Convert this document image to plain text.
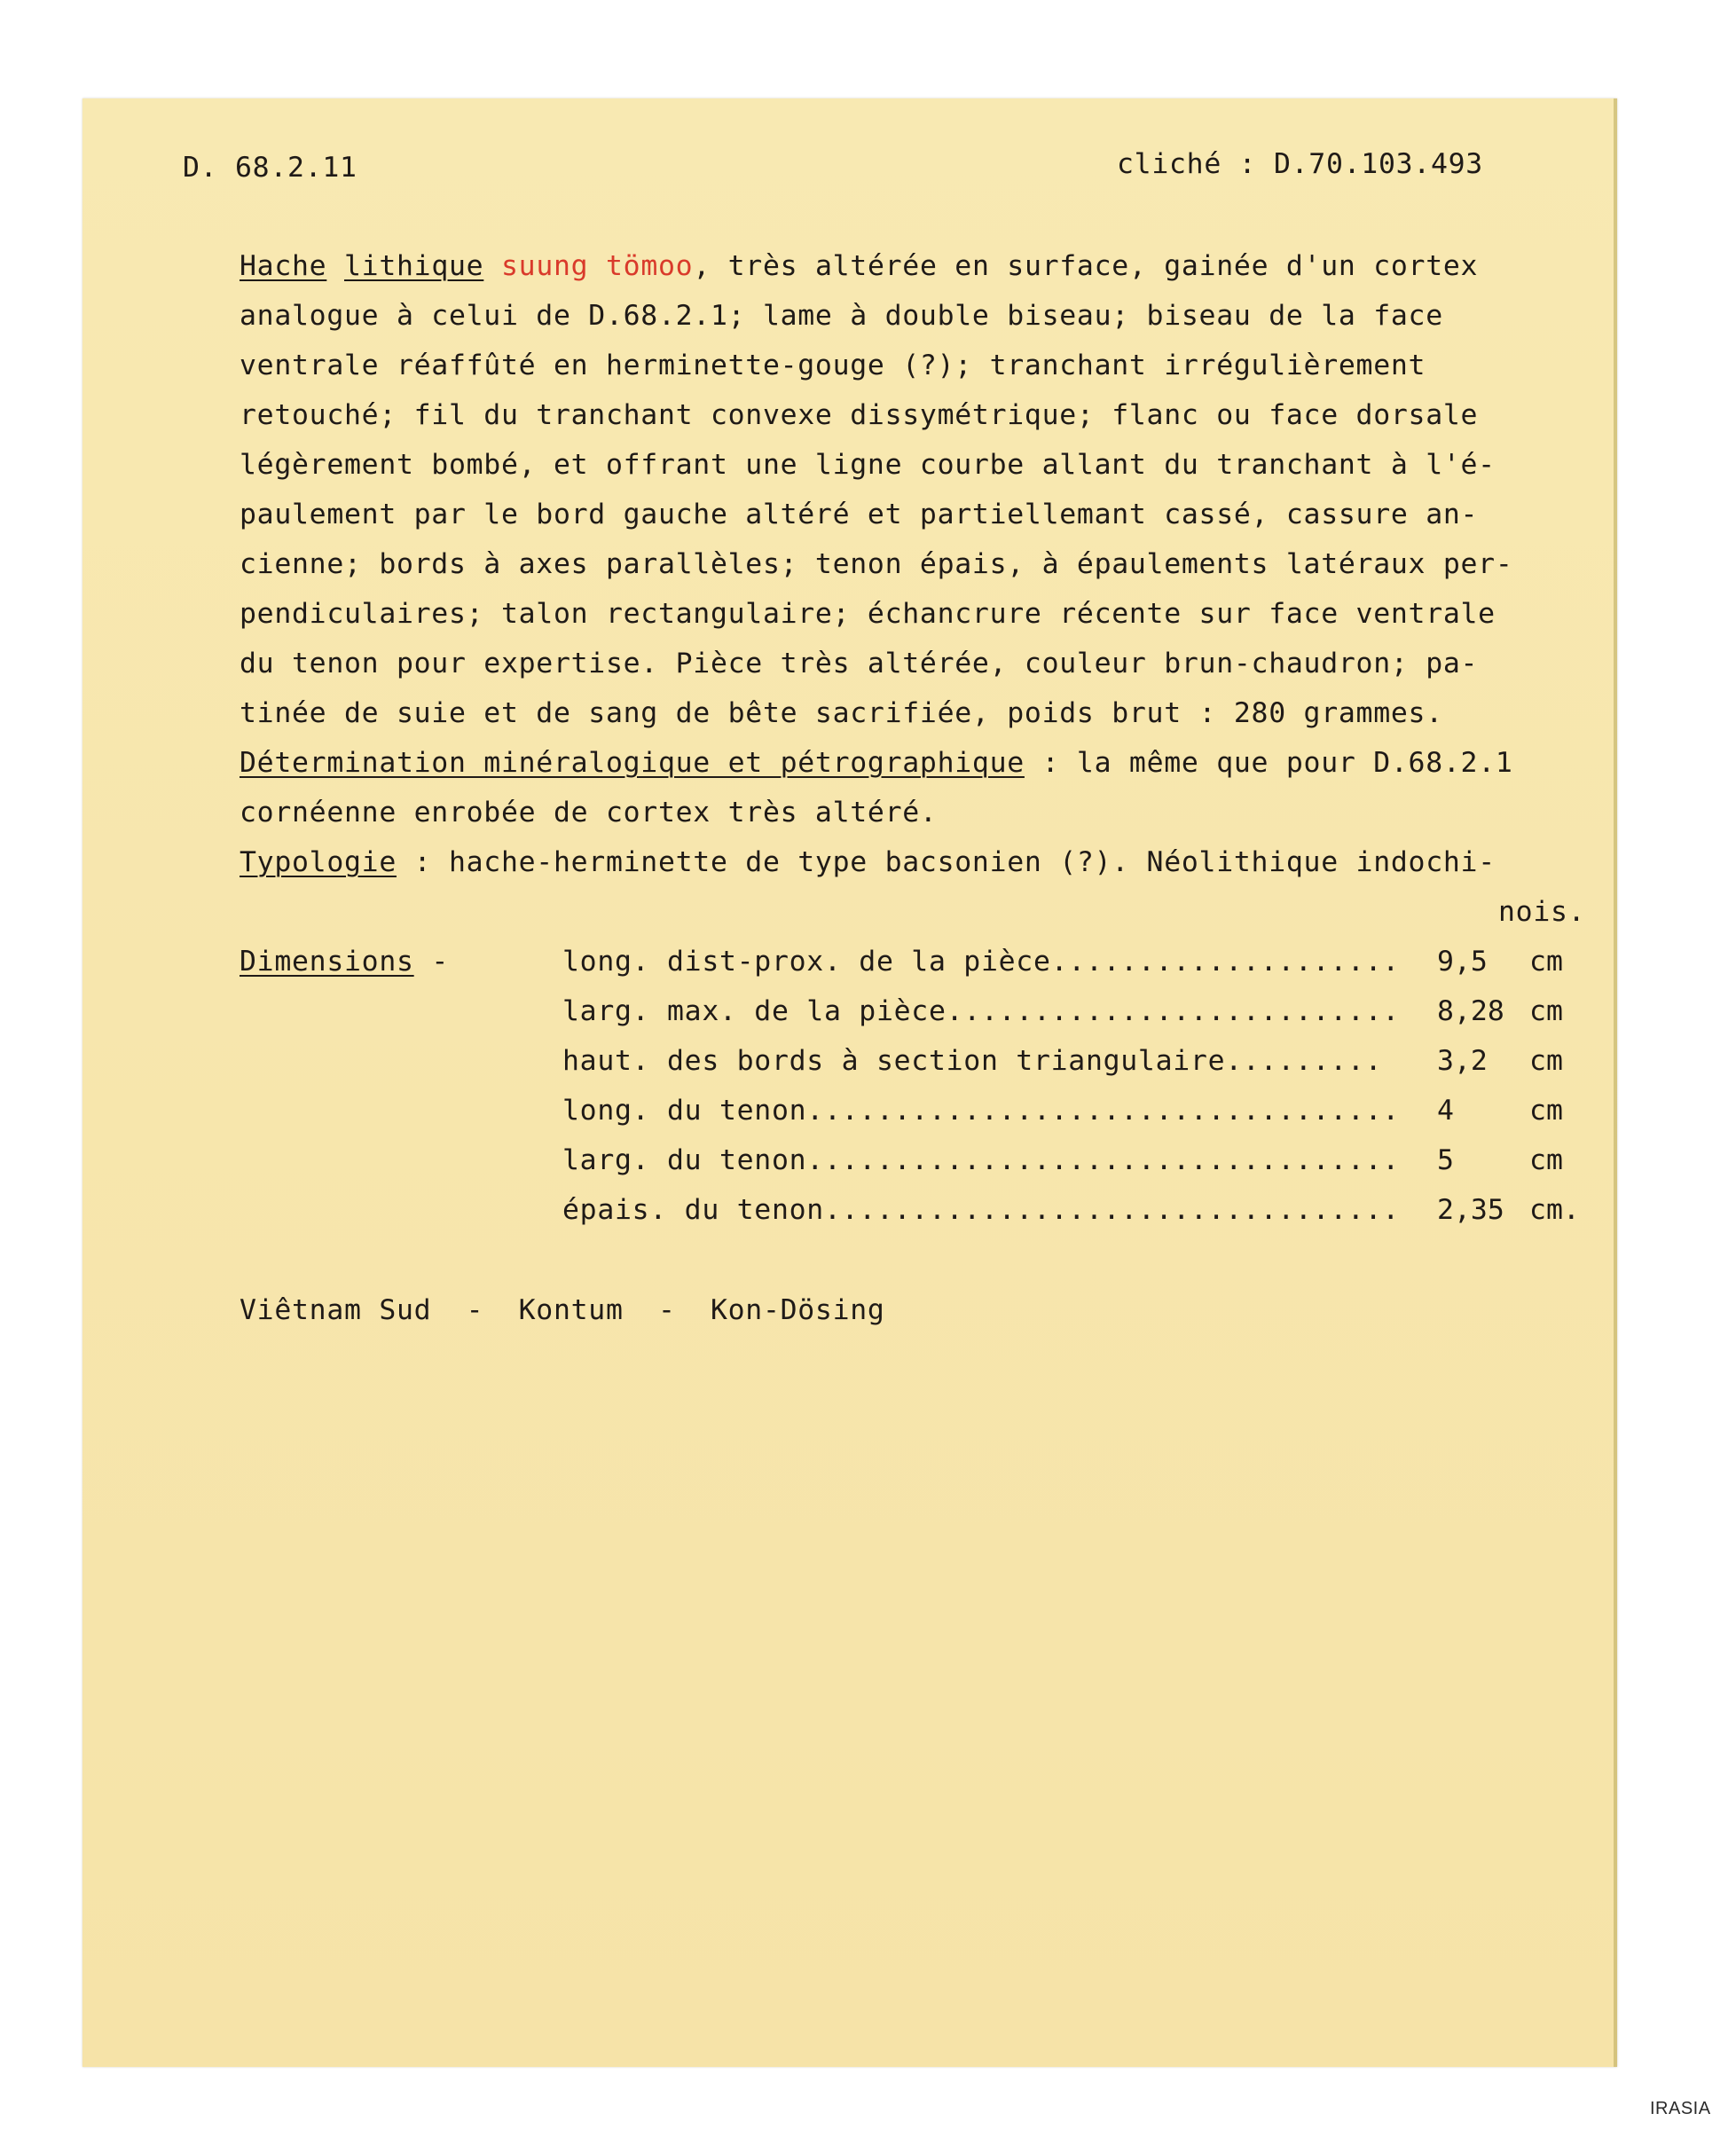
D. 68.2.11	cliché : D.70.103.493
Hache lithique suung tömoo, très altérée en surface, gainée d'un cortex
analogue à celui de D.68.2.1; lame à double biseau; biseau de la face
ventrale réaffûté en herminette-gouge (?); tranchant irrégulièrement
retouché; fil du tranchant convexe dissymétrique; flanc ou face dorsale
légèrement bombé, et offrant une ligne courbe allant du tranchant à l'é-
paulement par le bord gauche altéré et partiellemant cassé, cassure an-
cienne; bords à axes parallèles; tenon épais, à épaulements latéraux per-
pendiculaires; talon rectangulaire; échancrure récente sur face ventrale
du tenon pour expertise. Pièce très altérée, couleur brun-chaudron; pa-
tinée de suie et de sang de bête sacrifiée, poids brut : 280 grammes.
Détermination minéralogique et pétrographique : la même que pour D.68.2.1
cornéenne enrobée de cortex très altéré.
Typologie : hache-herminette de type bacsonien (?). Néolithique indochi-
nois.
Dimensions -	long. dist-prox. de la pièce....................	9,5 cm
larg. max. de la pièce..........................	8,28 cm
haut. des bords à section triangulaire.........	3,2 cm
long. du tenon..................................	4	cm
larg. du tenon..................................	5	cm
épais. du tenon.................................	2,35 cm.
Viêtnam Sud  -  Kontum  -  Kon-Dösing
IRASIA
